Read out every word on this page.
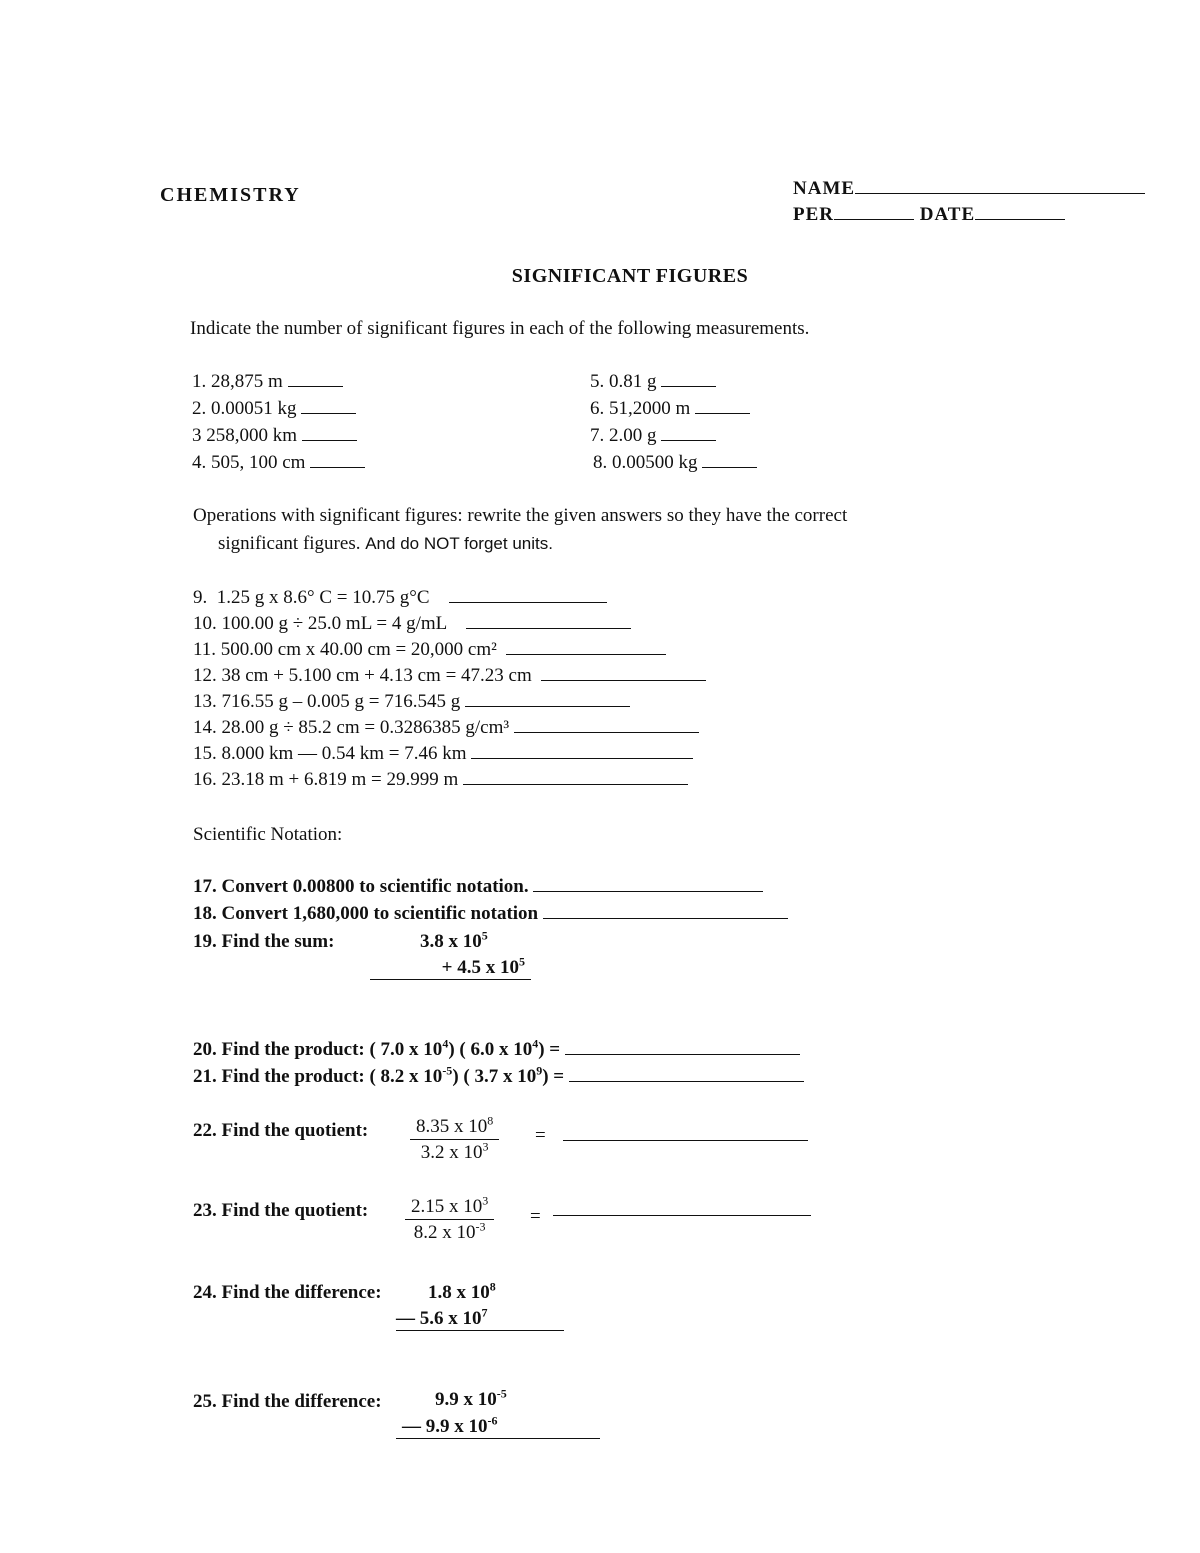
CHEMISTRY	NAME
PER	DATE
SIGNIFICANT FIGURES
Indicate the number of significant figures in each of the following measurements.
1. 28,875 m
2. 0.00051 kg
3 258,000 km
4. 505, 100 cm
5. 0.81 g
6. 51,2000 m
7. 2.00 g
8. 0.00500 kg
Operations with significant figures: rewrite the given answers so they have the correct
significant figures. And do NOT forget units.
9. 1.25 g x 8.6° C = 10.75 g°C
10. 100.00 g ÷ 25.0 mL = 4 g/mL
11. 500.00 cm x 40.00 cm = 20,000 cm²
12. 38 cm + 5.100 cm + 4.13 cm = 47.23 cm
13. 716.55 g – 0.005 g = 716.545 g
14. 28.00 g ÷ 85.2 cm = 0.3286385 g/cm³
15. 8.000 km — 0.54 km = 7.46 km
16. 23.18 m + 6.819 m = 29.999 m
Scientific Notation:
17. Convert 0.00800 to scientific notation.
18. Convert 1,680,000 to scientific notation
19. Find the sum:	3.8 x $10^5$
+ 4.5 x $10^5$
20. Find the product: ( 7.0 x $10^4$) ( 6.0 x $10^4$) =
21. Find the product: ( 8.2 x $10^{-5}$) ( 3.7 x $10^9$) =
22. Find the quotient: $\frac{8.35 x 10^8}{3.2 x 10^3}$ =
23. Find the quotient: $\frac{2.15 x 10^3}{8.2 x 10^{-3}}$ =
24. Find the difference: 1.8 x $10^8$
— 5.6 x $10^7$
25. Find the difference:	9.9 x $10^{-5}$
— 9.9 x $10^{-6}$
